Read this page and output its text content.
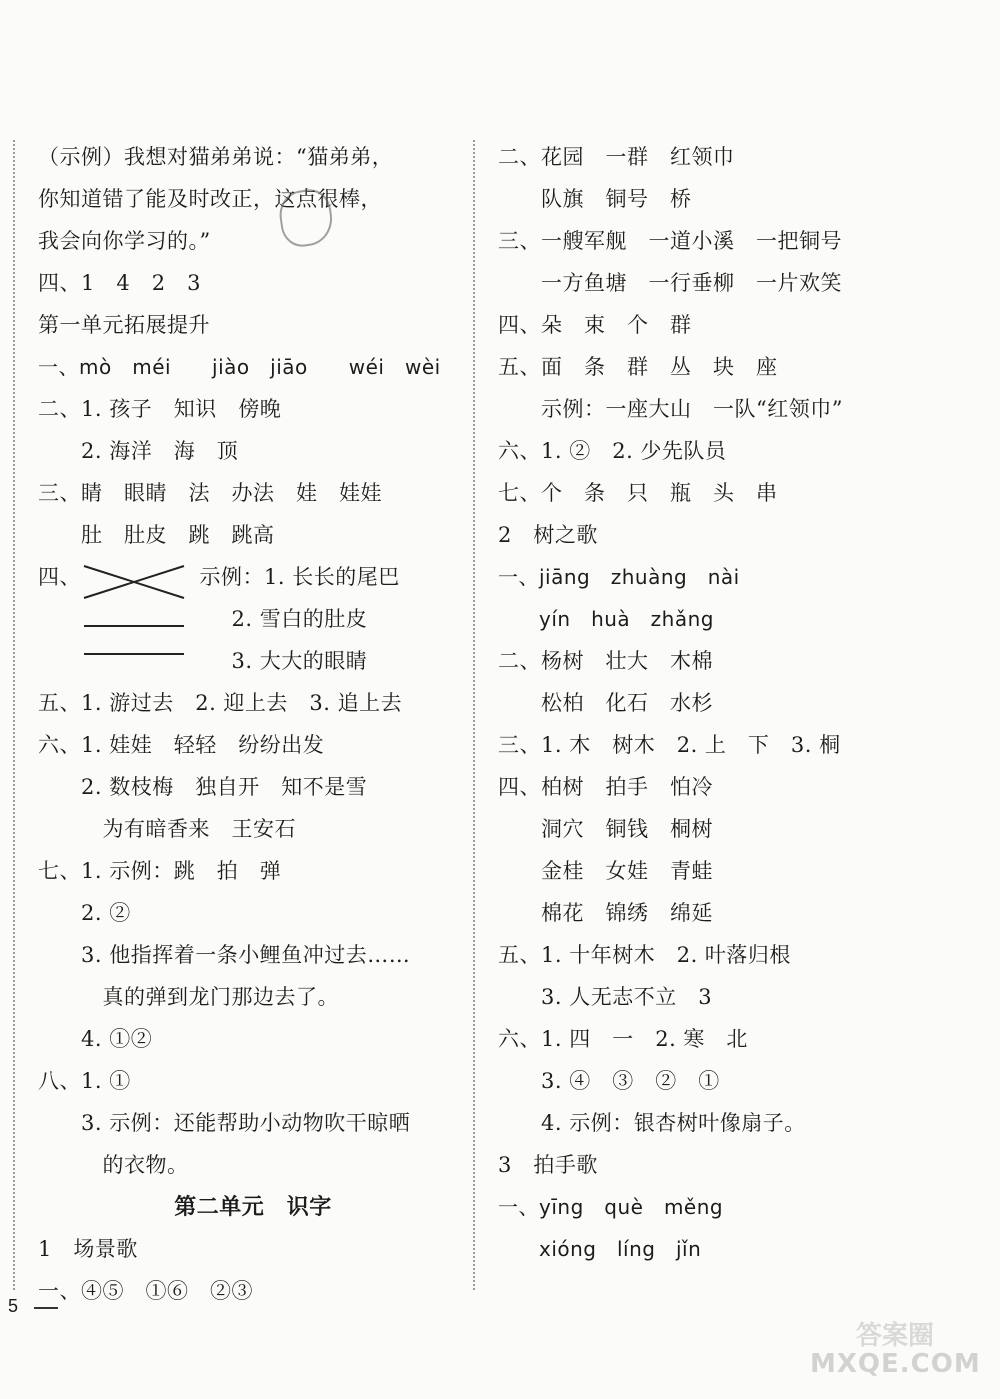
（示例）我想对猫弟弟说：“猫弟弟，
你知道错了能及时改正，这点很棒，
我会向你学习的。”
四、1　4　2　3
第一单元拓展提升
一、mò　méi　　jiào　jiāo　　wéi　wèi
二、1. 孩子　知识　傍晚
　　2. 海洋　海　顶
三、睛　眼睛　法　办法　娃　娃娃
　　肚　肚皮　跳　跳高
四、　　　　　　示例：1. 长长的尾巴
　　　　　　　　　2. 雪白的肚皮
　　　　　　　　　3. 大大的眼睛
五、1. 游过去　2. 迎上去　3. 追上去
六、1. 娃娃　轻轻　纷纷出发
　　2. 数枝梅　独自开　知不是雪
　　　为有暗香来　王安石
七、1. 示例：跳　拍　弹
　　2. ②
　　3. 他指挥着一条小鲤鱼冲过去……
　　　真的弹到龙门那边去了。
　　4. ①②
八、1. ①
　　3. 示例：还能帮助小动物吹干晾晒
　　　的衣物。
第二单元　识字
1　场景歌
一、④⑤　①⑥　②③
二、花园　一群　红领巾
　　队旗　铜号　桥
三、一艘军舰　一道小溪　一把铜号
　　一方鱼塘　一行垂柳　一片欢笑
四、朵　束　个　群
五、面　条　群　丛　块　座
　　示例：一座大山　一队“红领巾”
六、1. ②　2. 少先队员
七、个　条　只　瓶　头　串
2　树之歌
一、jiāng　zhuàng　nài
　　yín　huà　zhǎng
二、杨树　壮大　木棉
　　松柏　化石　水杉
三、1. 木　树木　2. 上　下　3. 桐
四、柏树　拍手　怕冷
　　洞穴　铜钱　桐树
　　金桂　女娃　青蛙
　　棉花　锦绣　绵延
五、1. 十年树木　2. 叶落归根
　　3. 人无志不立　3
六、1. 四　一　2. 寒　北
　　3. ④　③　②　①
　　4. 示例：银杏树叶像扇子。
3　拍手歌
一、yīng　què　měng
　　xióng　líng　jǐn
5
答案圈
MXQE.COM
